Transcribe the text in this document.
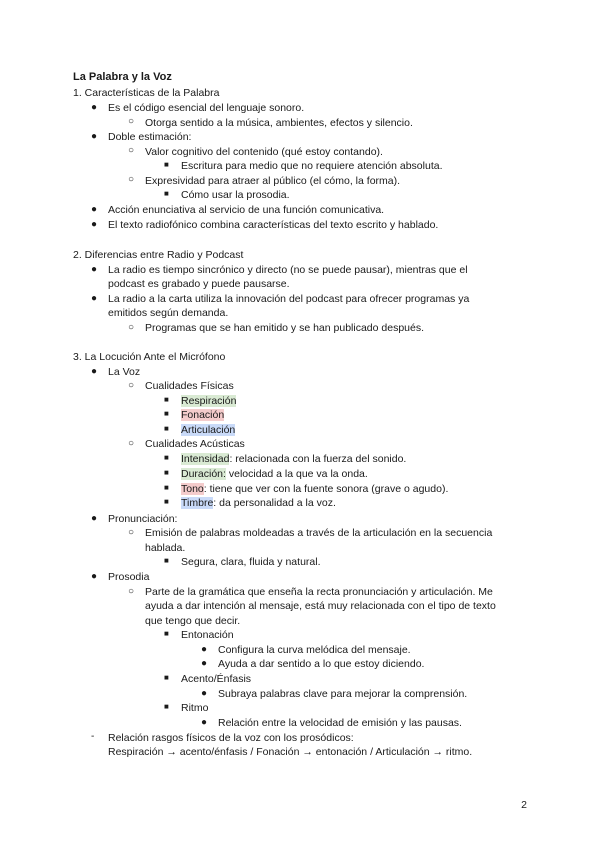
La Palabra y la Voz
1. Características de la Palabra
● Es el código esencial del lenguaje sonoro.
○ Otorga sentido a la música, ambientes, efectos y silencio.
● Doble estimación:
○ Valor cognitivo del contenido (qué estoy contando).
■ Escritura para medio que no requiere atención absoluta.
○ Expresividad para atraer al público (el cómo, la forma).
■ Cómo usar la prosodia.
● Acción enunciativa al servicio de una función comunicativa.
● El texto radiofónico combina características del texto escrito y hablado.
2. Diferencias entre Radio y Podcast
● La radio es tiempo sincrónico y directo (no se puede pausar), mientras que el
podcast es grabado y puede pausarse.
● La radio a la carta utiliza la innovación del podcast para ofrecer programas ya
emitidos según demanda.
○ Programas que se han emitido y se han publicado después.
3. La Locución Ante el Micrófono
● La Voz
○ Cualidades Físicas
■ Respiración
■ Fonación
■ Articulación
○ Cualidades Acústicas
■ Intensidad: relacionada con la fuerza del sonido.
■ Duración: velocidad a la que va la onda.
■ Tono: tiene que ver con la fuente sonora (grave o agudo).
■ Timbre: da personalidad a la voz.
● Pronunciación:
○ Emisión de palabras moldeadas a través de la articulación en la secuencia
hablada.
■ Segura, clara, fluida y natural.
● Prosodia
○ Parte de la gramática que enseña la recta pronunciación y articulación. Me
ayuda a dar intención al mensaje, está muy relacionada con el tipo de texto
que tengo que decir.
■ Entonación
● Configura la curva melódica del mensaje.
● Ayuda a dar sentido a lo que estoy diciendo.
■ Acento/Énfasis
● Subraya palabras clave para mejorar la comprensión.
■ Ritmo
● Relación entre la velocidad de emisión y las pausas.
- Relación rasgos físicos de la voz con los prosódicos:
Respiración → acento/énfasis / Fonación → entonación / Articulación → ritmo.
2
